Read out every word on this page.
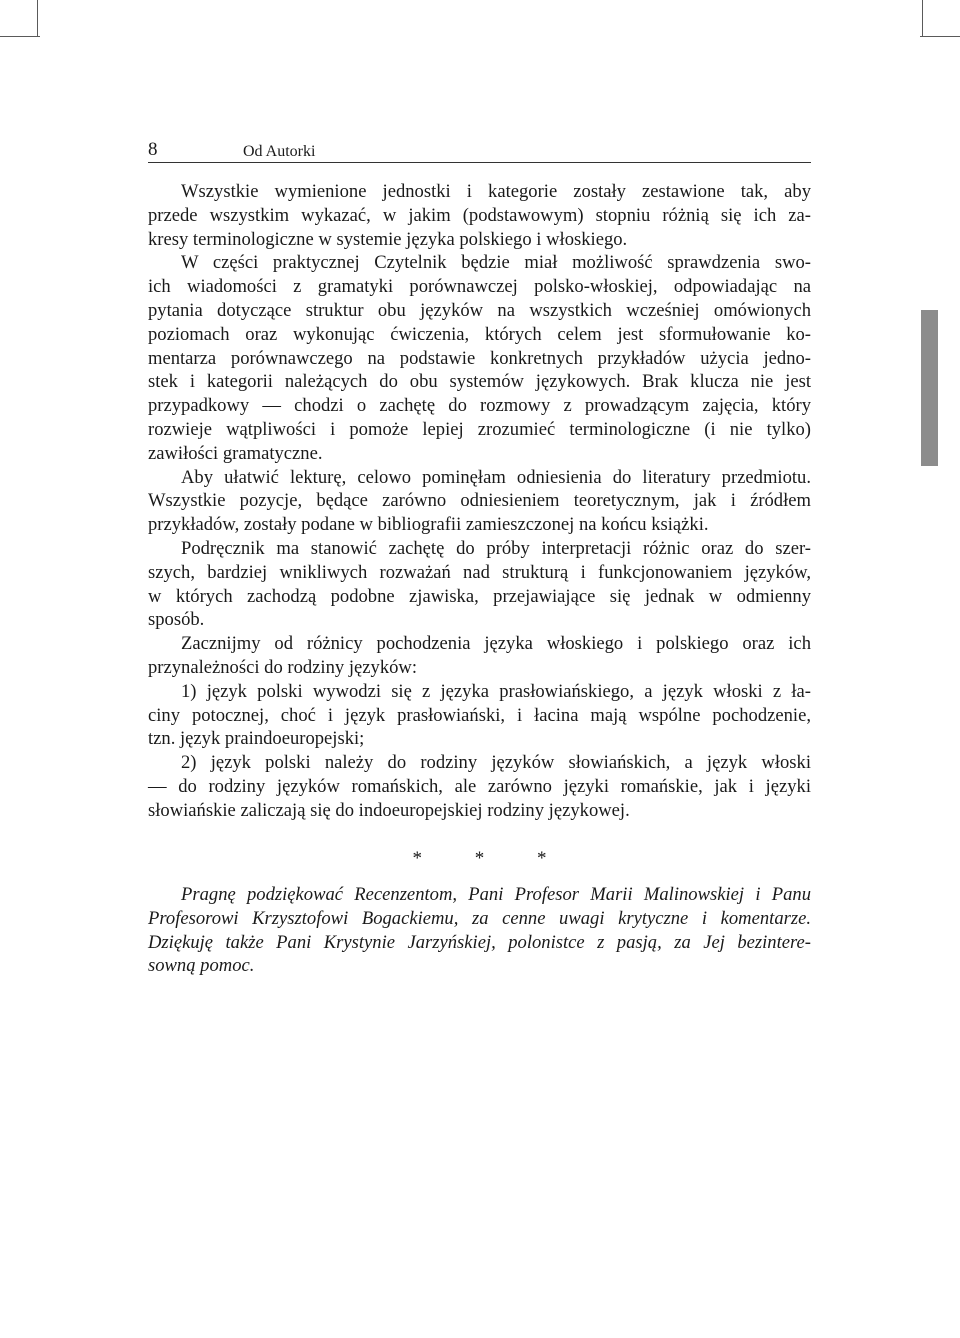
8	Od Autorki
Wszystkie wymienione jednostki i kategorie zostały zestawione tak, aby
przede wszystkim wykazać, w jakim (podstawowym) stopniu różnią się ich za-
kresy terminologiczne w systemie języka polskiego i włoskiego.
W części praktycznej Czytelnik będzie miał możliwość sprawdzenia swo-
ich wiadomości z gramatyki porównawczej polsko-włoskiej, odpowiadając na
pytania dotyczące struktur obu języków na wszystkich wcześniej omówionych
poziomach oraz wykonując ćwiczenia, których celem jest sformułowanie ko-
mentarza porównawczego na podstawie konkretnych przykładów użycia jedno-
stek i kategorii należących do obu systemów językowych. Brak klucza nie jest
przypadkowy — chodzi o zachętę do rozmowy z prowadzącym zajęcia, który
rozwieje wątpliwości i pomoże lepiej zrozumieć terminologiczne (i nie tylko)
zawiłości gramatyczne.
Aby ułatwić lekturę, celowo pominęłam odniesienia do literatury przedmiotu.
Wszystkie pozycje, będące zarówno odniesieniem teoretycznym, jak i źródłem
przykładów, zostały podane w bibliografii zamieszczonej na końcu książki.
Podręcznik ma stanowić zachętę do próby interpretacji różnic oraz do szer-
szych, bardziej wnikliwych rozważań nad strukturą i funkcjonowaniem języków,
w których zachodzą podobne zjawiska, przejawiające się jednak w odmienny
sposób.
Zacznijmy od różnicy pochodzenia języka włoskiego i polskiego oraz ich
przynależności do rodziny języków:
1) język polski wywodzi się z języka prasłowiańskiego, a język włoski z ła-
ciny potocznej, choć i język prasłowiański, i łacina mają wspólne pochodzenie,
tzn. język praindoeuropejski;
2) język polski należy do rodziny języków słowiańskich, a język włoski
— do rodziny języków romańskich, ale zarówno języki romańskie, jak i języki
słowiańskie zaliczają się do indoeuropejskiej rodziny językowej.
*	*	*
Pragnę podziękować Recenzentom, Pani Profesor Marii Malinowskiej i Panu
Profesorowi Krzysztofowi Bogackiemu, za cenne uwagi krytyczne i komentarze.
Dziękuję także Pani Krystynie Jarzyńskiej, polonistce z pasją, za Jej bezintere-
sowną pomoc.
